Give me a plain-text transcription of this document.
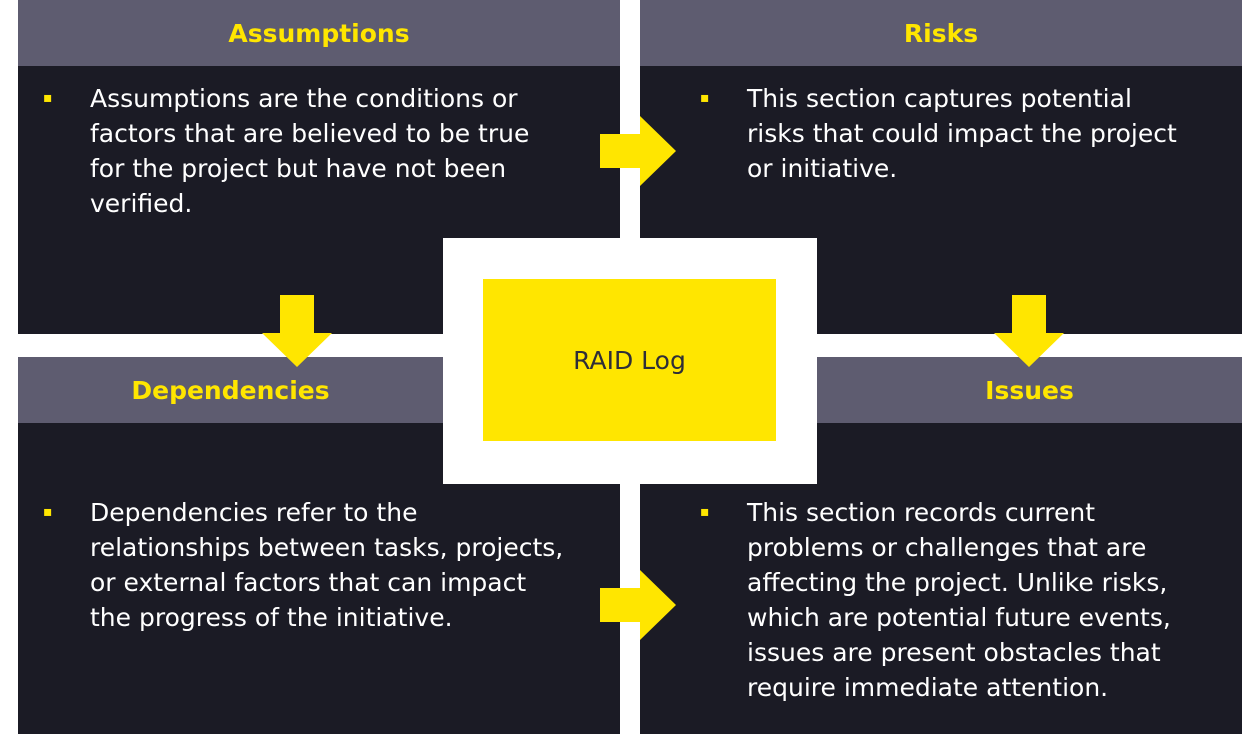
Assumptions	Risks
Dependencies	Issues
▪ Assumptions are the conditions or
factors that are believed to be true
for the project but have not been
verified.
▪ This section captures potential
risks that could impact the project
or initiative.
▪ Dependencies refer to the
relationships between tasks, projects,
or external factors that can impact
the progress of the initiative.
▪ This section records current
problems or challenges that are
affecting the project. Unlike risks,
which are potential future events,
issues are present obstacles that
require immediate attention.
RAID Log
